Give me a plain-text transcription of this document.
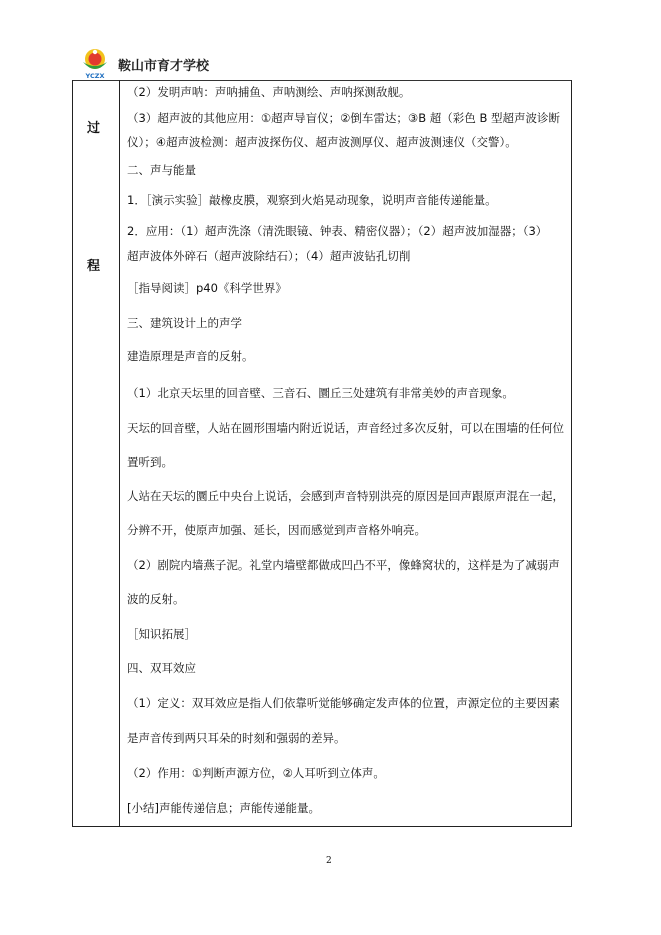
YCZX
鞍山市育才学校
过
程
（2）发明声呐：声呐捕鱼、声呐测绘、声呐探测敌舰。
（3）超声波的其他应用：①超声导盲仪；②倒车雷达；③B 超（彩色 B 型超声波诊断
仪）；④超声波检测：超声波探伤仪、超声波测厚仪、超声波测速仪（交警）。
二、声与能量
1．［演示实验］敲橡皮膜，观察到火焰晃动现象，说明声音能传递能量。
2．应用：（1）超声洗涤（清洗眼镜、钟表、精密仪器）；（2）超声波加湿器；（3）
超声波体外碎石（超声波除结石）；（4）超声波钻孔切削
［指导阅读］p40《科学世界》
三、建筑设计上的声学
建造原理是声音的反射。
（1）北京天坛里的回音壁、三音石、圜丘三处建筑有非常美妙的声音现象。
天坛的回音壁，人站在圆形围墙内附近说话，声音经过多次反射，可以在围墙的任何位
置听到。
人站在天坛的圜丘中央台上说话，会感到声音特别洪亮的原因是回声跟原声混在一起，
分辨不开，使原声加强、延长，因而感觉到声音格外响亮。
（2）剧院内墙燕子泥。礼堂内墙壁都做成凹凸不平，像蜂窝状的，这样是为了减弱声
波的反射。
［知识拓展］
四、双耳效应
（1）定义：双耳效应是指人们依靠听觉能够确定发声体的位置，声源定位的主要因素
是声音传到两只耳朵的时刻和强弱的差异。
（2）作用：①判断声源方位，②人耳听到立体声。
[小结]声能传递信息；声能传递能量。
2
